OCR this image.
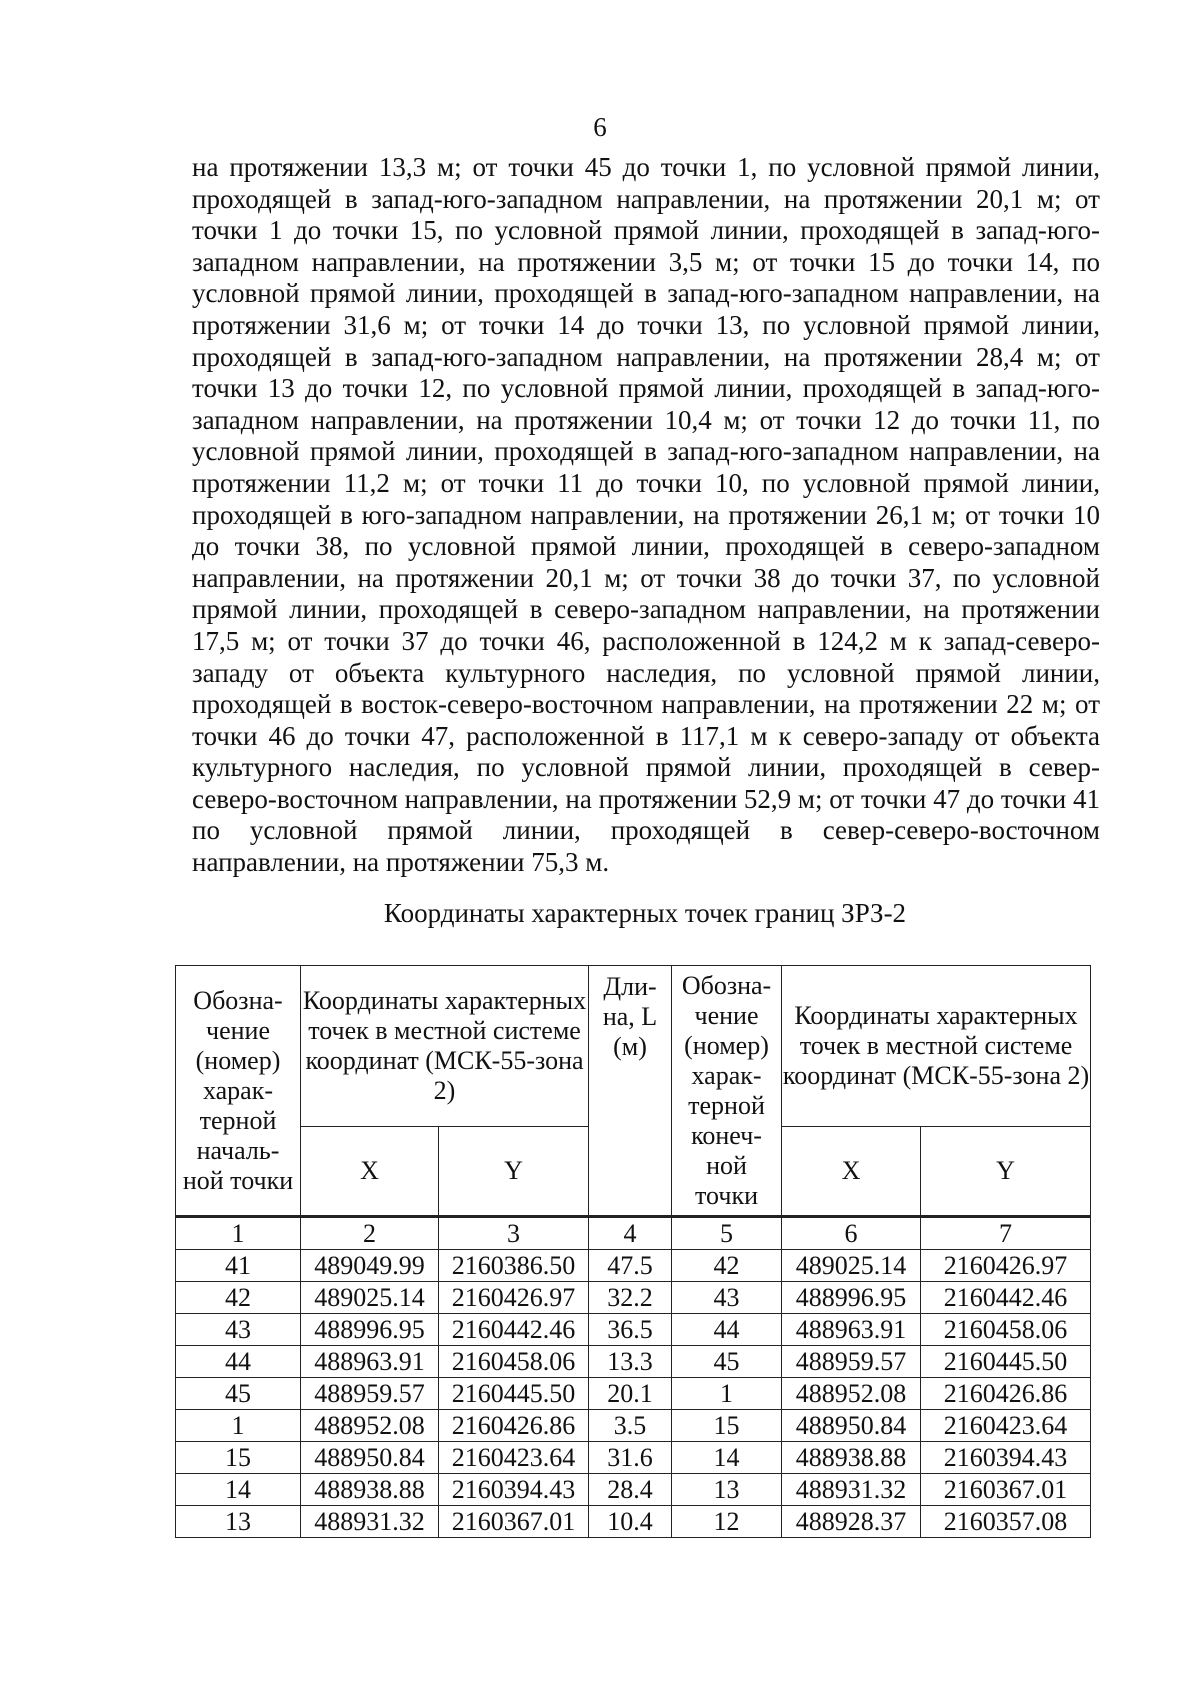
6

на протяжении 13,3 м; от точки 45 до точки 1, по условной прямой линии, проходящей в запад-юго-западном направлении, на протяжении 20,1 м; от точки 1 до точки 15, по условной прямой линии, проходящей в запад-юго-западном направлении, на протяжении 3,5 м; от точки 15 до точки 14, по условной прямой линии, проходящей в запад-юго-западном направлении, на протяжении 31,6 м; от точки 14 до точки 13, по условной прямой линии, проходящей в запад-юго-западном направлении, на протяжении 28,4 м; от точки 13 до точки 12, по условной прямой линии, проходящей в запад-юго-западном направлении, на протяжении 10,4 м; от точки 12 до точки 11, по условной прямой линии, проходящей в запад-юго-западном направлении, на протяжении 11,2 м; от точки 11 до точки 10, по условной прямой линии, проходящей в юго-западном направлении, на протяжении 26,1 м; от точки 10 до точки 38, по условной прямой линии, проходящей в северо-западном направлении, на протяжении 20,1 м; от точки 38 до точки 37, по условной прямой линии, проходящей в северо-западном направлении, на протяжении 17,5 м; от точки 37 до точки 46, расположенной в 124,2 м к запад-северо-западу от объекта культурного наследия, по условной прямой линии, проходящей в восток-северо-восточном направлении, на протяжении 22 м; от точки 46 до точки 47, расположенной в 117,1 м к северо-западу от объекта культурного наследия, по условной прямой линии, проходящей в север-северо-восточном направлении, на протяжении 52,9 м; от точки 47 до точки 41 по условной прямой линии, проходящей в север-северо-восточном направлении, на протяжении 75,3 м.

Координаты характерных точек границ ЗРЗ-2
Обозна- чение (номер) харак- терной началь- ной точки	Координаты характерных точек в местной системе координат (МСК-55-зона 2)		Дли- на, L (м)	Обозна- чение (номер) харак- терной конеч- ной точки	Координаты характерных точек в местной системе координат (МСК-55-зона 2)	
	X	Y			X	Y
1	2	3	4	5	6	7
41	489049.99	2160386.50	47.5	42	489025.14	2160426.97
42	489025.14	2160426.97	32.2	43	488996.95	2160442.46
43	488996.95	2160442.46	36.5	44	488963.91	2160458.06
44	488963.91	2160458.06	13.3	45	488959.57	2160445.50
45	488959.57	2160445.50	20.1	1	488952.08	2160426.86
1	488952.08	2160426.86	3.5	15	488950.84	2160423.64
15	488950.84	2160423.64	31.6	14	488938.88	2160394.43
14	488938.88	2160394.43	28.4	13	488931.32	2160367.01
13	488931.32	2160367.01	10.4	12	488928.37	2160357.08
